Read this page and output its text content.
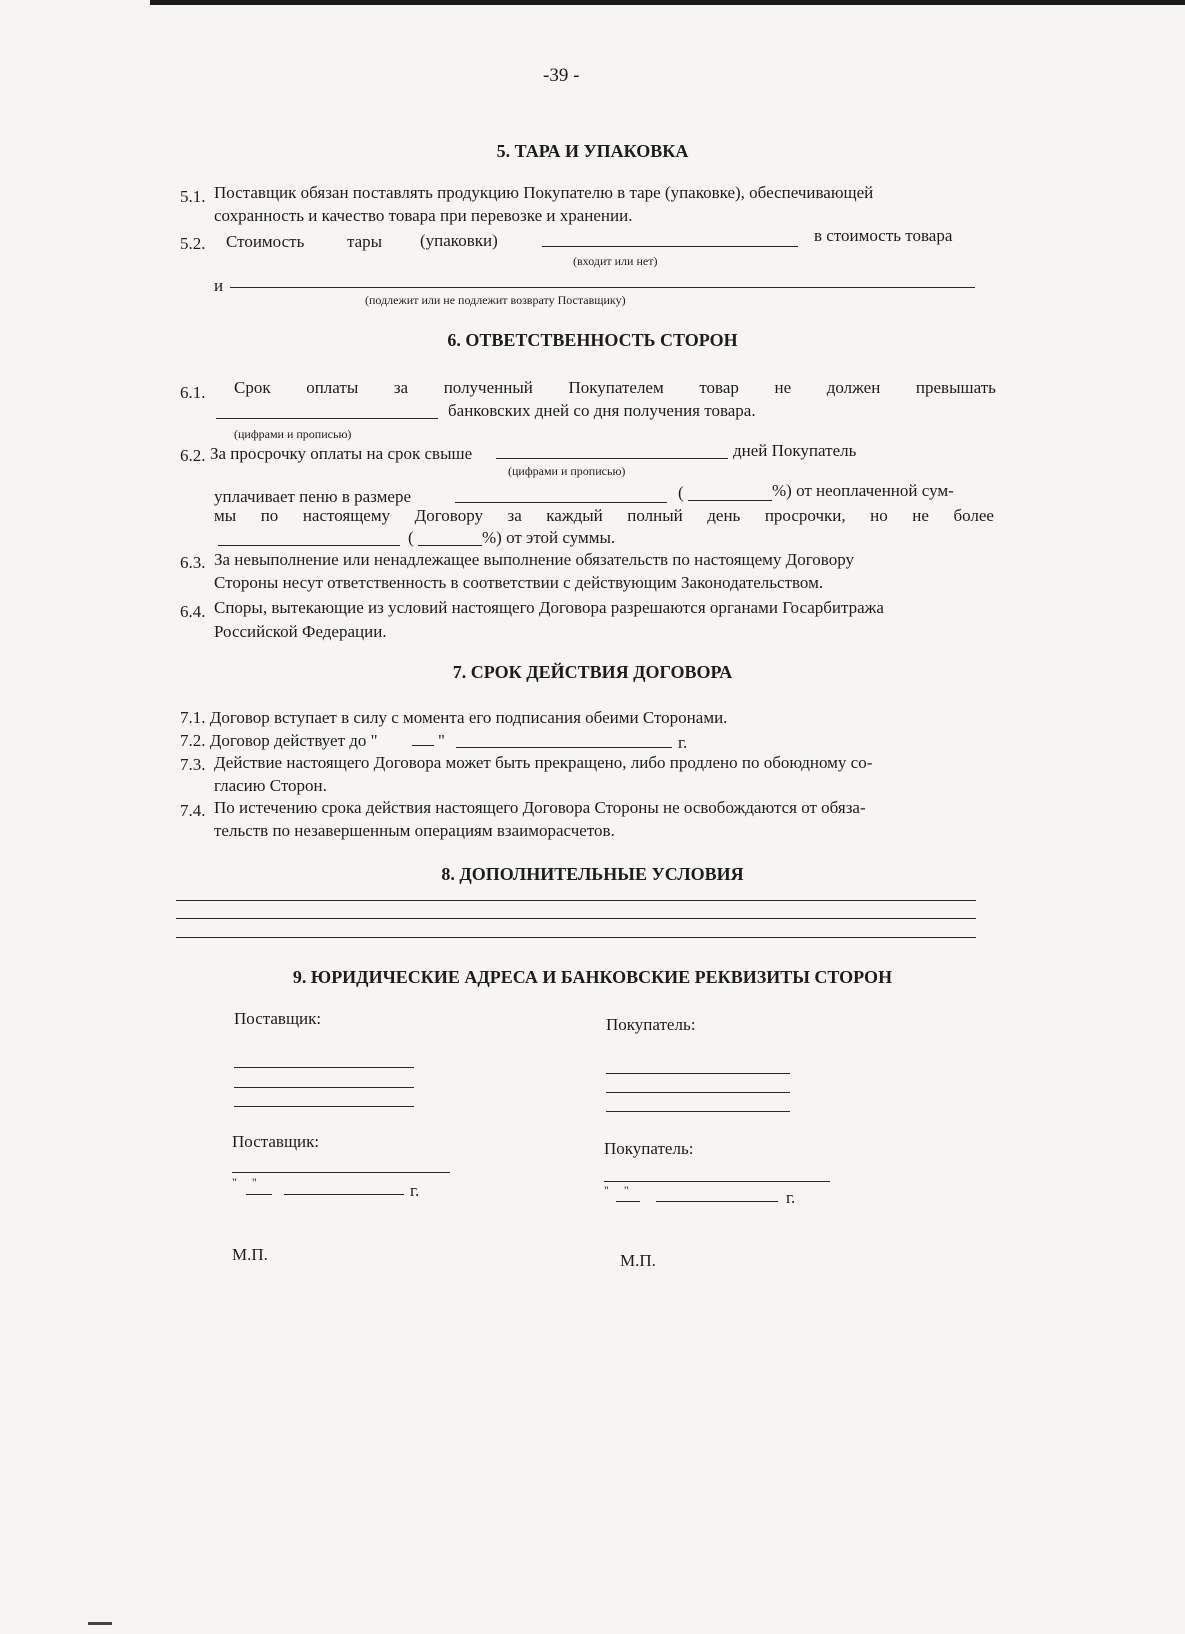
-39 -
5. ТАРА И УПАКОВКА
5.1. Поставщик обязан поставлять продукцию Покупателю в таре (упаковке), обеспечивающей
сохранность и качество товара при перевозке и хранении.
5.2. Стоимость	тары (упаковки)	в стоимость товара
(входит или нет)
и
(подлежит или не подлежит возврату Поставщику)
6. ОТВЕТСТВЕННОСТЬ СТОРОН
6.1. Срок оплаты за полученный Покупателем товар не должен превышать
банковских дней со дня получения товара.
(цифрами и прописью)
6.2. За просрочку оплаты на срок свыше	дней Покупатель
(цифрами и прописью)
уплачивает пеню в размере	(	%) от неоплаченной сум-
мы по настоящему Договору за каждый полный день просрочки, но не более
(	%) от этой суммы.
6.3. За невыполнение или ненадлежащее выполнение обязательств по настоящему Договору
Стороны несут ответственность в соответствии с действующим Законодательством.
6.4. Споры, вытекающие из условий настоящего Договора разрешаются органами Госарбитража
Российской Федерации.
7. СРОК ДЕЙСТВИЯ ДОГОВОРА
7.1. Договор вступает в силу с момента его подписания обеими Сторонами.
7.2. Договор действует до "	"	г.
7.3. Действие настоящего Договора может быть прекращено, либо продлено по обоюдному со-
гласию Сторон.
7.4. По истечению срока действия настоящего Договора Стороны не освобождаются от обяза-
тельств по незавершенным операциям взаиморасчетов.
8. ДОПОЛНИТЕЛЬНЫЕ УСЛОВИЯ
9. ЮРИДИЧЕСКИЕ АДРЕСА И БАНКОВСКИЕ РЕКВИЗИТЫ СТОРОН
Поставщик:	Покупатель:
Поставщик:	Покупатель:
"     "	г.	"     "	г.
М.П.	М.П.
